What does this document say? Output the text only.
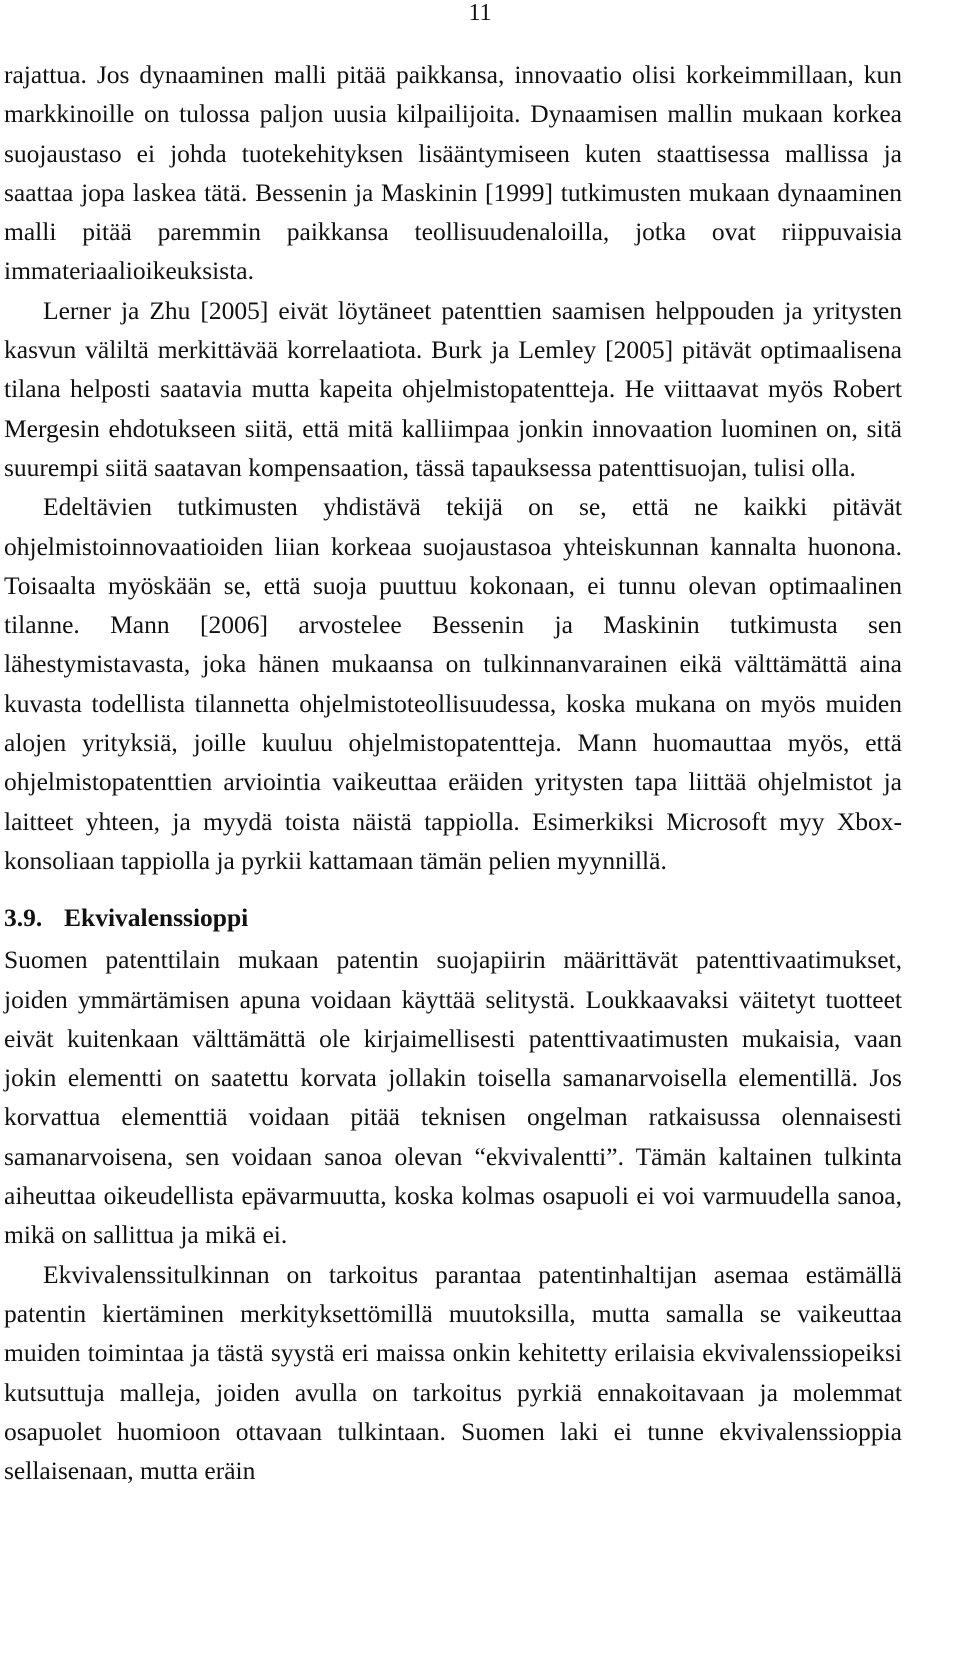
11

rajattua. Jos dynaaminen malli pitää paikkansa, innovaatio olisi korkeimmillaan, kun markkinoille on tulossa paljon uusia kilpailijoita. Dynaamisen mallin mukaan korkea suojaustaso ei johda tuotekehityksen lisääntymiseen kuten staattisessa mallissa ja saattaa jopa laskea tätä. Bessenin ja Maskinin [1999] tutkimusten mukaan dynaaminen malli pitää paremmin paikkansa teollisuudenaloilla, jotka ovat riippuvaisia immateriaalioikeuksista.

Lerner ja Zhu [2005] eivät löytäneet patenttien saamisen helppouden ja yritysten kasvun väliltä merkittävää korrelaatiota. Burk ja Lemley [2005] pitävät optimaalisena tilana helposti saatavia mutta kapeita ohjelmistopatentteja. He viittaavat myös Robert Mergesin ehdotukseen siitä, että mitä kalliimpaa jonkin innovaation luominen on, sitä suurempi siitä saatavan kompensaation, tässä tapauksessa patenttisuojan, tulisi olla.

Edeltävien tutkimusten yhdistävä tekijä on se, että ne kaikki pitävät ohjelmistoinnovaatioiden liian korkeaa suojaustasoa yhteiskunnan kannalta huonona. Toisaalta myöskään se, että suoja puuttuu kokonaan, ei tunnu olevan optimaalinen tilanne. Mann [2006] arvostelee Bessenin ja Maskinin tutkimusta sen lähestymistavasta, joka hänen mukaansa on tulkinnanvarainen eikä välttämättä aina kuvasta todellista tilannetta ohjelmistoteollisuudessa, koska mukana on myös muiden alojen yrityksiä, joille kuuluu ohjelmistopatentteja. Mann huomauttaa myös, että ohjelmistopatenttien arviointia vaikeuttaa eräiden yritysten tapa liittää ohjelmistot ja laitteet yhteen, ja myydä toista näistä tappiolla. Esimerkiksi Microsoft myy Xbox-konsoliaan tappiolla ja pyrkii kattamaan tämän pelien myynnillä.

3.9. Ekvivalenssioppi

Suomen patenttilain mukaan patentin suojapiirin määrittävät patenttivaatimukset, joiden ymmärtämisen apuna voidaan käyttää selitystä. Loukkaavaksi väitetyt tuotteet eivät kuitenkaan välttämättä ole kirjaimellisesti patenttivaatimusten mukaisia, vaan jokin elementti on saatettu korvata jollakin toisella samanarvoisella elementillä. Jos korvattua elementtiä voidaan pitää teknisen ongelman ratkaisussa olennaisesti samanarvoisena, sen voidaan sanoa olevan “ekvivalentti”. Tämän kaltainen tulkinta aiheuttaa oikeudellista epävarmuutta, koska kolmas osapuoli ei voi varmuudella sanoa, mikä on sallittua ja mikä ei.

Ekvivalenssitulkinnan on tarkoitus parantaa patentinhaltijan asemaa estämällä patentin kiertäminen merkityksettömillä muutoksilla, mutta samalla se vaikeuttaa muiden toimintaa ja tästä syystä eri maissa onkin kehitetty erilaisia ekvivalenssiopeiksi kutsuttuja malleja, joiden avulla on tarkoitus pyrkiä ennakoitavaan ja molemmat osapuolet huomioon ottavaan tulkintaan. Suomen laki ei tunne ekvivalenssioppia sellaisenaan, mutta eräin
